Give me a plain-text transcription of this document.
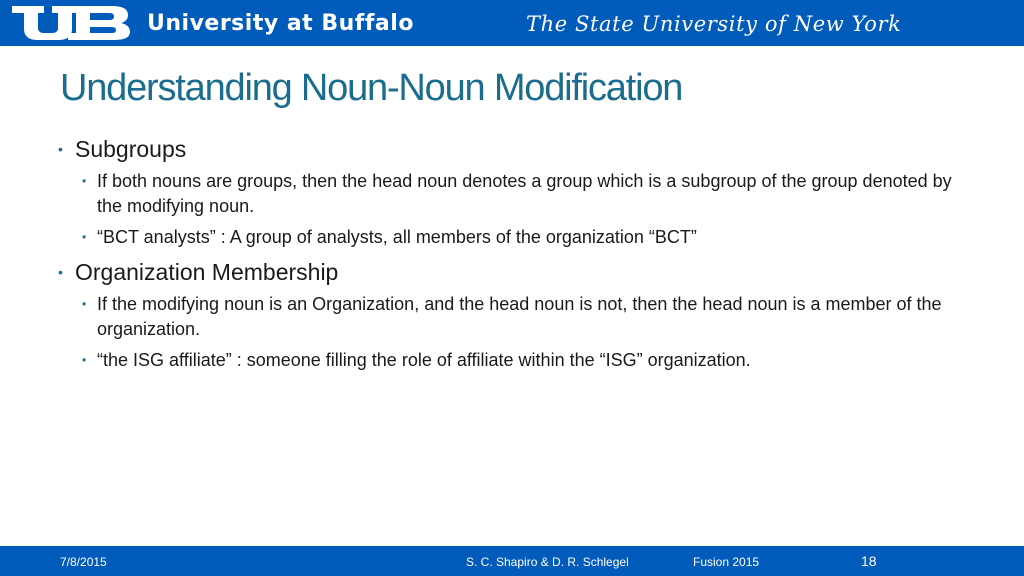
University at Buffalo	The State University of New York
Understanding Noun-Noun Modification
• Subgroups
• If both nouns are groups, then the head noun denotes a group which is a subgroup of the group denoted by the modifying noun.
• “BCT analysts” : A group of analysts, all members of the organization “BCT”
• Organization Membership
• If the modifying noun is an Organization, and the head noun is not, then the head noun is a member of the organization.
• “the ISG affiliate” : someone filling the role of affiliate within the “ISG” organization.
7/8/2015	S. C. Shapiro & D. R. Schlegel	Fusion 2015	18
